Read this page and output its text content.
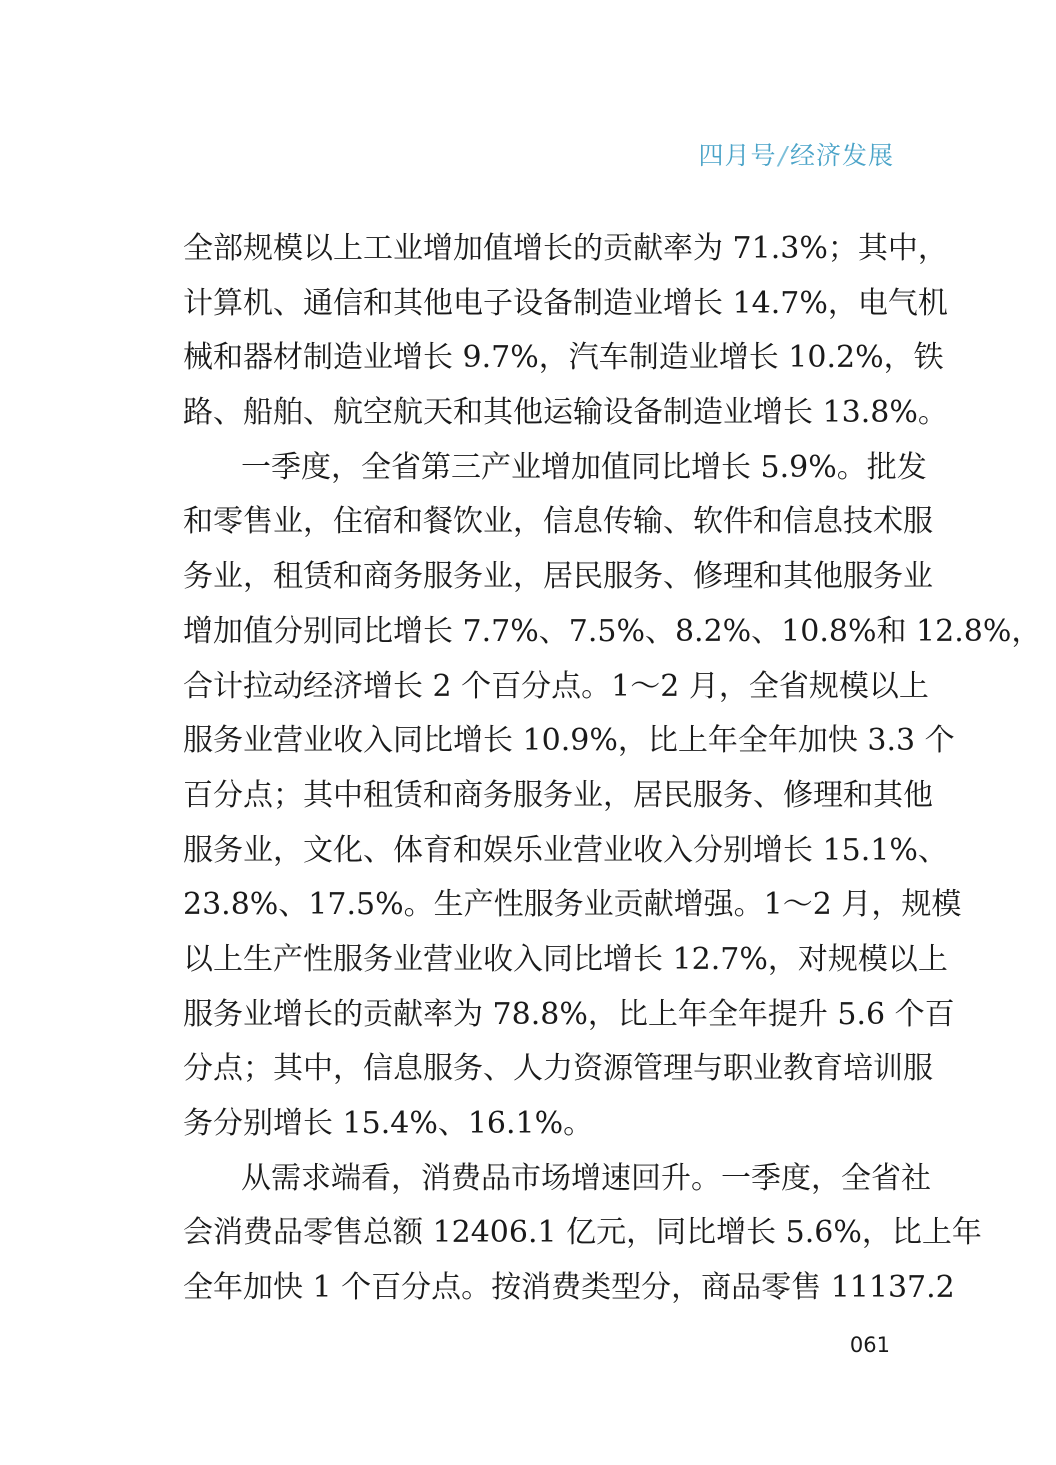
四月号/经济发展
全部规模以上工业增加值增长的贡献率为 71.3%；其中，
计算机、通信和其他电子设备制造业增长 14.7%，电气机
械和器材制造业增长 9.7%，汽车制造业增长 10.2%，铁
路、船舶、航空航天和其他运输设备制造业增长 13.8%。
一季度，全省第三产业增加值同比增长 5.9%。批发
和零售业，住宿和餐饮业，信息传输、软件和信息技术服
务业，租赁和商务服务业，居民服务、修理和其他服务业
增加值分别同比增长 7.7%、7.5%、8.2%、10.8%和 12.8%，
合计拉动经济增长 2 个百分点。1～2 月，全省规模以上
服务业营业收入同比增长 10.9%，比上年全年加快 3.3 个
百分点；其中租赁和商务服务业，居民服务、修理和其他
服务业，文化、体育和娱乐业营业收入分别增长 15.1%、
23.8%、17.5%。生产性服务业贡献增强。1～2 月，规模
以上生产性服务业营业收入同比增长 12.7%，对规模以上
服务业增长的贡献率为 78.8%，比上年全年提升 5.6 个百
分点；其中，信息服务、人力资源管理与职业教育培训服
务分别增长 15.4%、16.1%。
从需求端看，消费品市场增速回升。一季度，全省社
会消费品零售总额 12406.1 亿元，同比增长 5.6%，比上年
全年加快 1 个百分点。按消费类型分，商品零售 11137.2
061
